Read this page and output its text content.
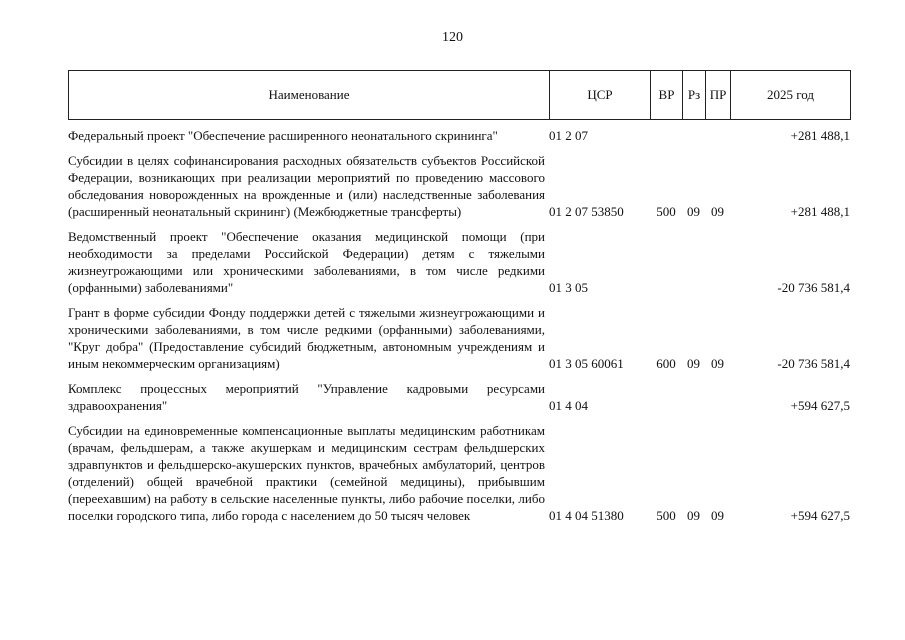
120
Наименование	ЦСР	ВР	Рз	ПР	2025 год
Федеральный проект "Обеспечение расширенного неонатального скрининга"	01 2 07				+281 488,1

Субсидии в целях софинансирования расходных обязательств субъектов Российской Федерации, возникающих при реализации мероприятий по проведению массового обследования новорожденных на врожденные и (или) наследственные заболевания (расширенный неонатальный скрининг) (Межбюджетные трансферты)	01 2 07 53850	500	09	09	+281 488,1

Ведомственный проект "Обеспечение оказания медицинской помощи (при необходимости за пределами Российской Федерации) детям с тяжелыми жизнеугрожающими или хроническими заболеваниями, в том числе редкими (орфанными) заболеваниями"	01 3 05				-20 736 581,4

Грант в форме субсидии Фонду поддержки детей с тяжелыми жизнеугрожающими и хроническими заболеваниями, в том числе редкими (орфанными) заболеваниями, "Круг добра" (Предоставление субсидий бюджетным, автономным учреждениям и иным некоммерческим организациям)	01 3 05 60061	600	09	09	-20 736 581,4

Комплекс процессных мероприятий "Управление кадровыми ресурсами здравоохранения"	01 4 04				+594 627,5

Субсидии на единовременные компенсационные выплаты медицинским работникам (врачам, фельдшерам, а также акушеркам и медицинским сестрам фельдшерских здравпунктов и фельдшерско-акушерских пунктов, врачебных амбулаторий, центров (отделений) общей врачебной практики (семейной медицины), прибывшим (переехавшим) на работу в сельские населенные пункты, либо рабочие поселки, либо поселки городского типа, либо города с населением до 50 тысяч человек	01 4 04 51380	500	09	09	+594 627,5
